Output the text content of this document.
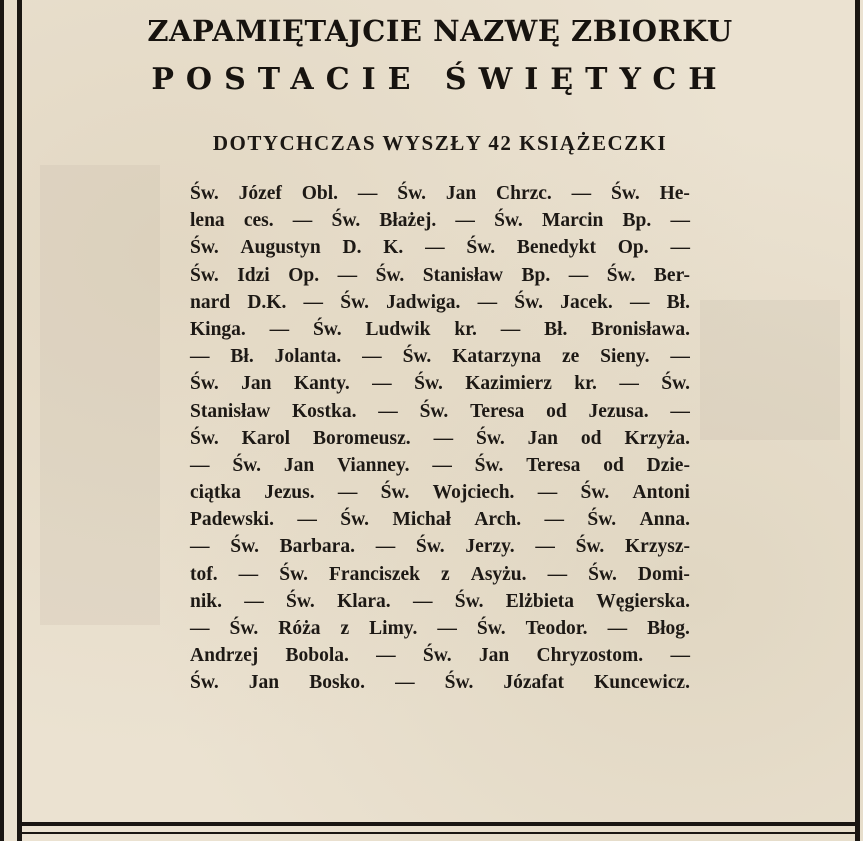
ZAPAMIĘTAJCIE NAZWĘ ZBIORKU
POSTACIE ŚWIĘTYCH
DOTYCHCZAS WYSZŁY 42 KSIĄŻECZKI
Św. Józef Obl. — Św. Jan Chrzc. — Św. He-
lena ces. — Św. Błażej. — Św. Marcin Bp. —
Św. Augustyn D. K. — Św. Benedykt Op. —
Św. Idzi Op. — Św. Stanisław Bp. — Św. Ber-
nard D.K. — Św. Jadwiga. — Św. Jacek. — Bł.
Kinga. — Św. Ludwik kr. — Bł. Bronisława.
— Bł. Jolanta. — Św. Katarzyna ze Sieny. —
Św. Jan Kanty. — Św. Kazimierz kr. — Św.
Stanisław Kostka. — Św. Teresa od Jezusa. —
Św. Karol Boromeusz. — Św. Jan od Krzyża.
— Św. Jan Vianney. — Św. Teresa od Dzie-
ciątka Jezus. — Św. Wojciech. — Św. Antoni
Padewski. — Św. Michał Arch. — Św. Anna.
— Św. Barbara. — Św. Jerzy. — Św. Krzysz-
tof. — Św. Franciszek z Asyżu. — Św. Domi-
nik. — Św. Klara. — Św. Elżbieta Węgierska.
— Św. Róża z Limy. — Św. Teodor. — Błog.
Andrzej Bobola. — Św. Jan Chryzostom. —
Św. Jan Bosko. — Św. Józafat Kuncewicz.
